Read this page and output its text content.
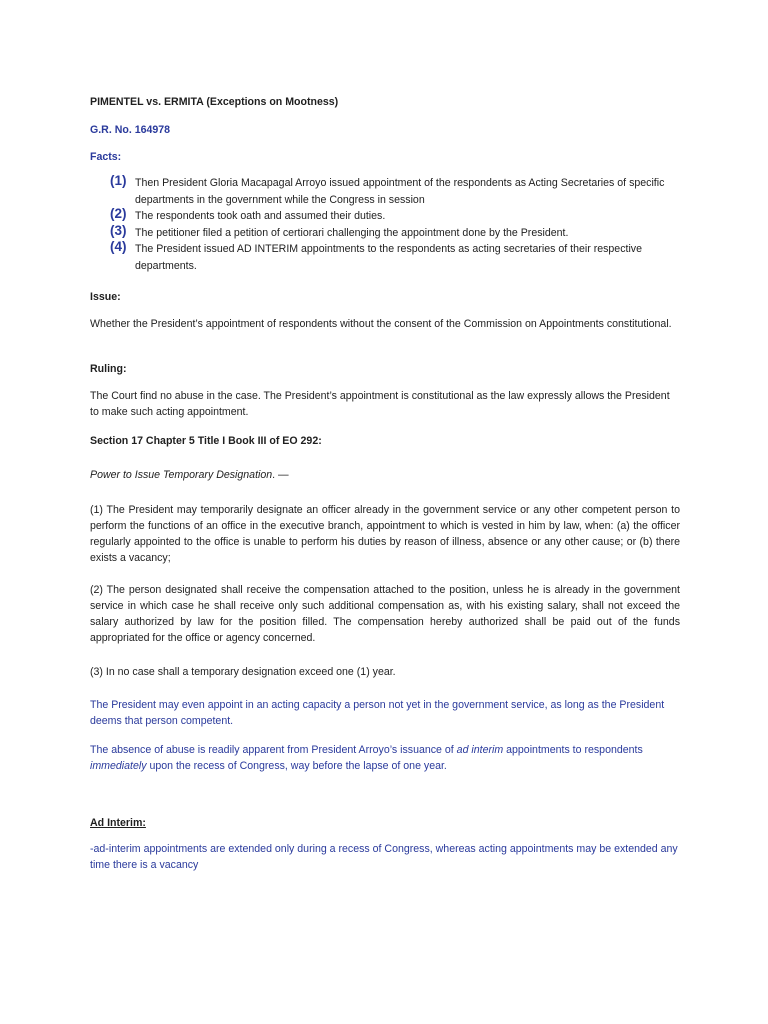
PIMENTEL vs. ERMITA (Exceptions on Mootness)

G.R. No. 164978

Facts:

(1) Then President Gloria Macapagal Arroyo issued appointment of the respondents as Acting Secretaries of specific departments in the government while the Congress in session
(2) The respondents took oath and assumed their duties.
(3) The petitioner filed a petition of certiorari challenging the appointment done by the President.
(4) The President issued AD INTERIM appointments to the respondents as acting secretaries of their respective departments.

Issue:

Whether the President’s appointment of respondents without the consent of the Commission on Appointments constitutional.

Ruling:

The Court find no abuse in the case. The President’s appointment is constitutional as the law expressly allows the President to make such acting appointment.

Section 17 Chapter 5 Title I Book III of EO 292:

Power to Issue Temporary Designation. —

(1) The President may temporarily designate an officer already in the government service or any other competent person to perform the functions of an office in the executive branch, appointment to which is vested in him by law, when: (a) the officer regularly appointed to the office is unable to perform his duties by reason of illness, absence or any other cause; or (b) there exists a vacancy;

(2) The person designated shall receive the compensation attached to the position, unless he is already in the government service in which case he shall receive only such additional compensation as, with his existing salary, shall not exceed the salary authorized by law for the position filled. The compensation hereby authorized shall be paid out of the funds appropriated for the office or agency concerned.

(3) In no case shall a temporary designation exceed one (1) year.

The President may even appoint in an acting capacity a person not yet in the government service, as long as the President deems that person competent.

The absence of abuse is readily apparent from President Arroyo’s issuance of ad interim appointments to respondents immediately upon the recess of Congress, way before the lapse of one year.

Ad Interim:

-ad-interim appointments are extended only during a recess of Congress, whereas acting appointments may be extended any time there is a vacancy
